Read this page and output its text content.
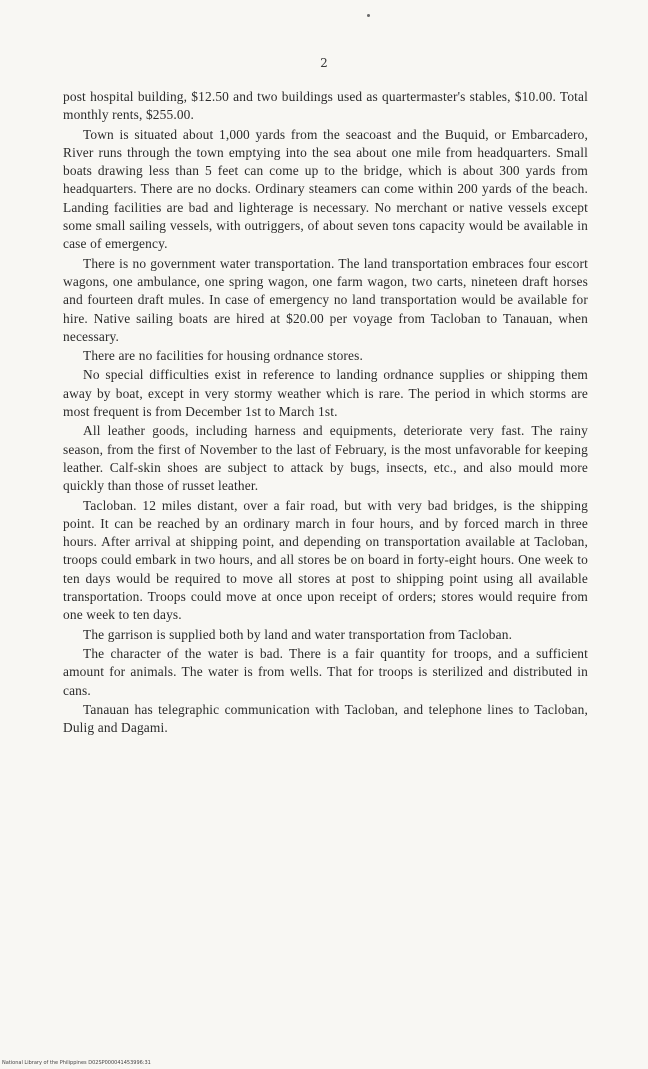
2

post hospital building, $12.50 and two buildings used as quartermaster's stables, $10.00. Total monthly rents, $255.00.

Town is situated about 1,000 yards from the seacoast and the Buquid, or Embarcadero, River runs through the town emptying into the sea about one mile from headquarters. Small boats drawing less than 5 feet can come up to the bridge, which is about 300 yards from headquarters. There are no docks. Ordinary steamers can come within 200 yards of the beach. Landing facilities are bad and lighterage is necessary. No merchant or native vessels except some small sailing vessels, with outriggers, of about seven tons capacity would be available in case of emergency.

There is no government water transportation. The land transportation embraces four escort wagons, one ambulance, one spring wagon, one farm wagon, two carts, nineteen draft horses and fourteen draft mules. In case of emergency no land transportation would be available for hire. Native sailing boats are hired at $20.00 per voyage from Tacloban to Tanauan, when necessary.

There are no facilities for housing ordnance stores.

No special difficulties exist in reference to landing ordnance supplies or shipping them away by boat, except in very stormy weather which is rare. The period in which storms are most frequent is from December 1st to March 1st.

All leather goods, including harness and equipments, deteriorate very fast. The rainy season, from the first of November to the last of February, is the most unfavorable for keeping leather. Calf-skin shoes are subject to attack by bugs, insects, etc., and also mould more quickly than those of russet leather.

Tacloban. 12 miles distant, over a fair road, but with very bad bridges, is the shipping point. It can be reached by an ordinary march in four hours, and by forced march in three hours. After arrival at shipping point, and depending on transportation available at Tacloban, troops could embark in two hours, and all stores be on board in forty-eight hours. One week to ten days would be required to move all stores at post to shipping point using all available transportation. Troops could move at once upon receipt of orders; stores would require from one week to ten days.

The garrison is supplied both by land and water transportation from Tacloban.

The character of the water is bad. There is a fair quantity for troops, and a sufficient amount for animals. The water is from wells. That for troops is sterilized and distributed in cans.

Tanauan has telegraphic communication with Tacloban, and telephone lines to Tacloban, Dulig and Dagami.

National Library of the Philippines D02SP000041453996:31
